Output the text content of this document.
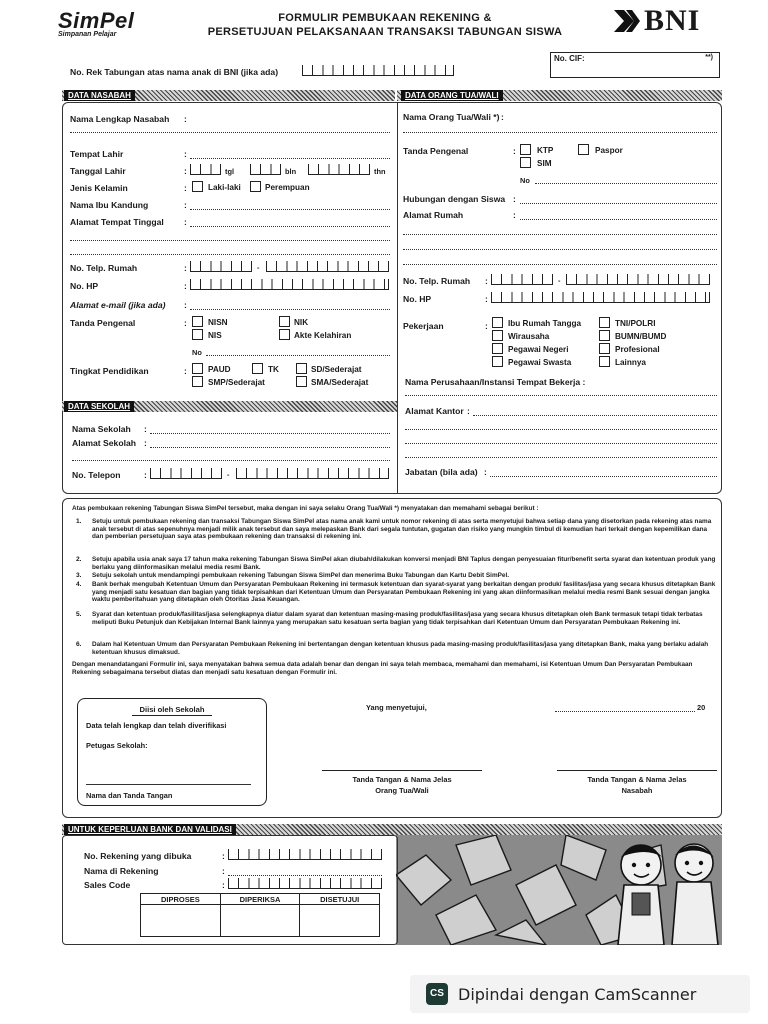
SimPel
Simpanan Pelajar
FORMULIR PEMBUKAAN REKENING &
PERSETUJUAN PELAKSANAAN TRANSAKSI TABUNGAN SISWA	BNI
No. CIF:	**)
No. Rek Tabungan atas nama anak di BNI (jika ada)
DATA NASABAH	DATA ORANG TUA/WALI
Nama Lengkap Nasabah :
Tempat Lahir	:
Tanggal Lahir	:	tgl	bln	thn
Jenis Kelamin	:	Laki-laki	Perempuan
Nama Ibu Kandung	:
Alamat Tempat Tinggal :
No. Telp. Rumah	:	-
No. HP	:
Alamat e-mail (jika ada) :
Tanda Pengenal	:	NISN	NIK
NIS	Akte Kelahiran
No
Tingkat Pendidikan	:	PAUD	TK	SD/Sederajat
SMP/Sederajat	SMA/Sederajat
DATA SEKOLAH
Nama Sekolah :
Alamat Sekolah :
No. Telepon	:	-
Nama Orang Tua/Wali *) :
Tanda Pengenal	:	KTP	Paspor
SIM
No
Hubungan dengan Siswa :
Alamat Rumah	:
No. Telp. Rumah :	-
No. HP	:
Pekerjaan	: Ibu Rumah Tangga	TNI/POLRI
Wirausaha	BUMN/BUMD
Pegawai Negeri	Profesional
Pegawai Swasta	Lainnya
Nama Perusahaan/Instansi Tempat Bekerja :
Alamat Kantor :
Jabatan (bila ada) :
Atas pembukaan rekening Tabungan Siswa SimPel tersebut, maka dengan ini saya selaku Orang Tua/Wali *) menyatakan dan memahami sebagai berikut :
1. Setuju untuk pembukaan rekening dan transaksi Tabungan Siswa SimPel atas nama anak kami untuk nomor rekening di atas serta menyetujui bahwa setiap dana yang disetorkan pada rekening atas nama anak tersebut di atas sepenuhnya menjadi milik anak tersebut dan saya melepaskan Bank dari segala tuntutan, gugatan dan risiko yang mungkin timbul di kemudian hari terkait dengan kepemilikan dana dan pemberian persetujuan saya atas pembukaan rekening dan transaksi di rekening ini.
2. Setuju apabila usia anak saya 17 tahun maka rekening Tabungan Siswa SimPel akan diubah/dilakukan konversi menjadi BNI Taplus dengan penyesuaian fitur/benefit serta syarat dan ketentuan produk yang berlaku yang diinformasikan melalui media resmi Bank.
3. Setuju sekolah untuk mendampingi pembukaan rekening Tabungan Siswa SimPel dan menerima Buku Tabungan dan Kartu Debit SimPel.
4. Bank berhak mengubah Ketentuan Umum dan Persyaratan Pembukaan Rekening ini termasuk ketentuan dan syarat-syarat yang berkaitan dengan produk/ fasilitas/jasa yang secara khusus ditetapkan Bank yang menjadi satu kesatuan dan bagian yang tidak terpisahkan dari Ketentuan Umum dan Persyaratan Pembukaan Rekening ini yang akan diinformasikan melalui media resmi Bank sesuai dengan jangka waktu pemberitahuan yang ditetapkan oleh Otoritas Jasa Keuangan.
5. Syarat dan ketentuan produk/fasilitas/jasa selengkapnya diatur dalam syarat dan ketentuan masing-masing produk/fasilitas/jasa yang secara khusus ditetapkan oleh Bank termasuk tetapi tidak terbatas meliputi Buku Petunjuk dan Kebijakan Internal Bank lainnya yang merupakan satu kesatuan serta bagian yang tidak terpisahkan dari Ketentuan Umum dan Persyaratan Pembukaan Rekening ini.
6. Dalam hal Ketentuan Umum dan Persyaratan Pembukaan Rekening ini bertentangan dengan ketentuan khusus pada masing-masing produk/fasilitas/jasa yang ditetapkan Bank, maka yang berlaku adalah ketentuan khusus dimaksud.
Dengan menandatangani Formulir ini, saya menyatakan bahwa semua data adalah benar dan dengan ini saya telah membaca, memahami dan memahami, isi Ketentuan Umum Dan Persyaratan Pembukaan Rekening sebagaimana tersebut diatas dan menjadi satu kesatuan dengan Formulir ini.
Diisi oleh Sekolah
Data telah lengkap dan telah diverifikasi
Petugas Sekolah:
Nama dan Tanda Tangan
Yang menyetujui,	20
Tanda Tangan & Nama Jelas
Orang Tua/Wali
Tanda Tangan & Nama Jelas
Nasabah
UNTUK KEPERLUAN BANK DAN VALIDASI
No. Rekening yang dibuka	:
Nama di Rekening	:
Sales Code	:
DIPROSES	DIPERIKSA	DISETUJUI
CS Dipindai dengan CamScanner
